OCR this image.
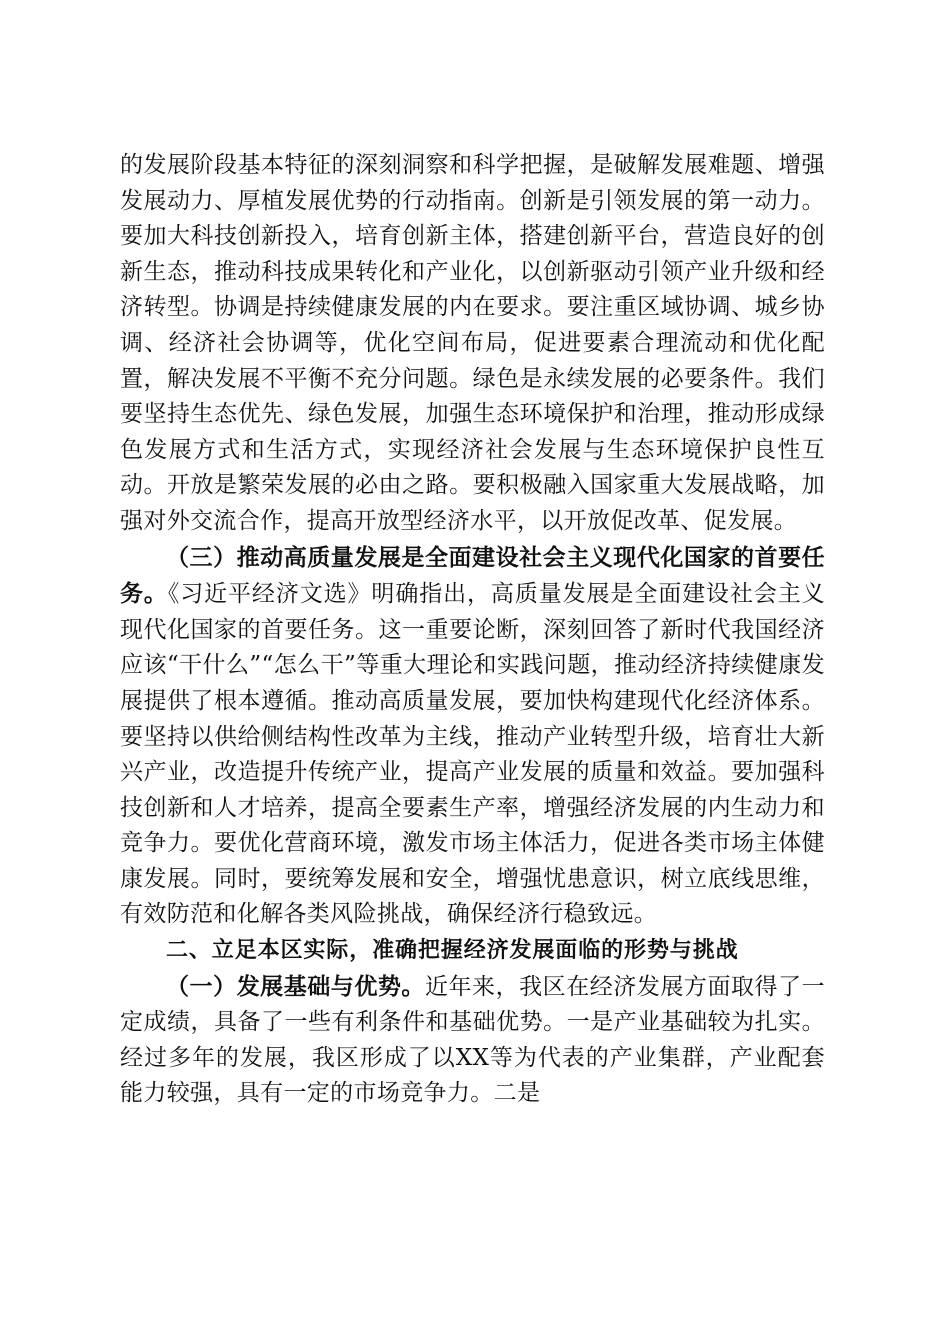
的发展阶段基本特征的深刻洞察和科学把握，是破解发展难题、增强发展动力、厚植发展优势的行动指南。创新是引领发展的第一动力。要加大科技创新投入，培育创新主体，搭建创新平台，营造良好的创新生态，推动科技成果转化和产业化，以创新驱动引领产业升级和经济转型。协调是持续健康发展的内在要求。要注重区域协调、城乡协调、经济社会协调等，优化空间布局，促进要素合理流动和优化配置，解决发展不平衡不充分问题。绿色是永续发展的必要条件。我们要坚持生态优先、绿色发展，加强生态环境保护和治理，推动形成绿色发展方式和生活方式，实现经济社会发展与生态环境保护良性互动。开放是繁荣发展的必由之路。要积极融入国家重大发展战略，加强对外交流合作，提高开放型经济水平，以开放促改革、促发展。

（三）推动高质量发展是全面建设社会主义现代化国家的首要任务。《习近平经济文选》明确指出，高质量发展是全面建设社会主义现代化国家的首要任务。这一重要论断，深刻回答了新时代我国经济应该“干什么”“怎么干”等重大理论和实践问题，推动经济持续健康发展提供了根本遵循。推动高质量发展，要加快构建现代化经济体系。要坚持以供给侧结构性改革为主线，推动产业转型升级，培育壮大新兴产业，改造提升传统产业，提高产业发展的质量和效益。要加强科技创新和人才培养，提高全要素生产率，增强经济发展的内生动力和竞争力。要优化营商环境，激发市场主体活力，促进各类市场主体健康发展。同时，要统筹发展和安全，增强忧患意识，树立底线思维，有效防范和化解各类风险挑战，确保经济行稳致远。

二、立足本区实际，准确把握经济发展面临的形势与挑战

（一）发展基础与优势。近年来，我区在经济发展方面取得了一定成绩，具备了一些有利条件和基础优势。一是产业基础较为扎实。经过多年的发展，我区形成了以XX等为代表的产业集群，产业配套能力较强，具有一定的市场竞争力。二是
